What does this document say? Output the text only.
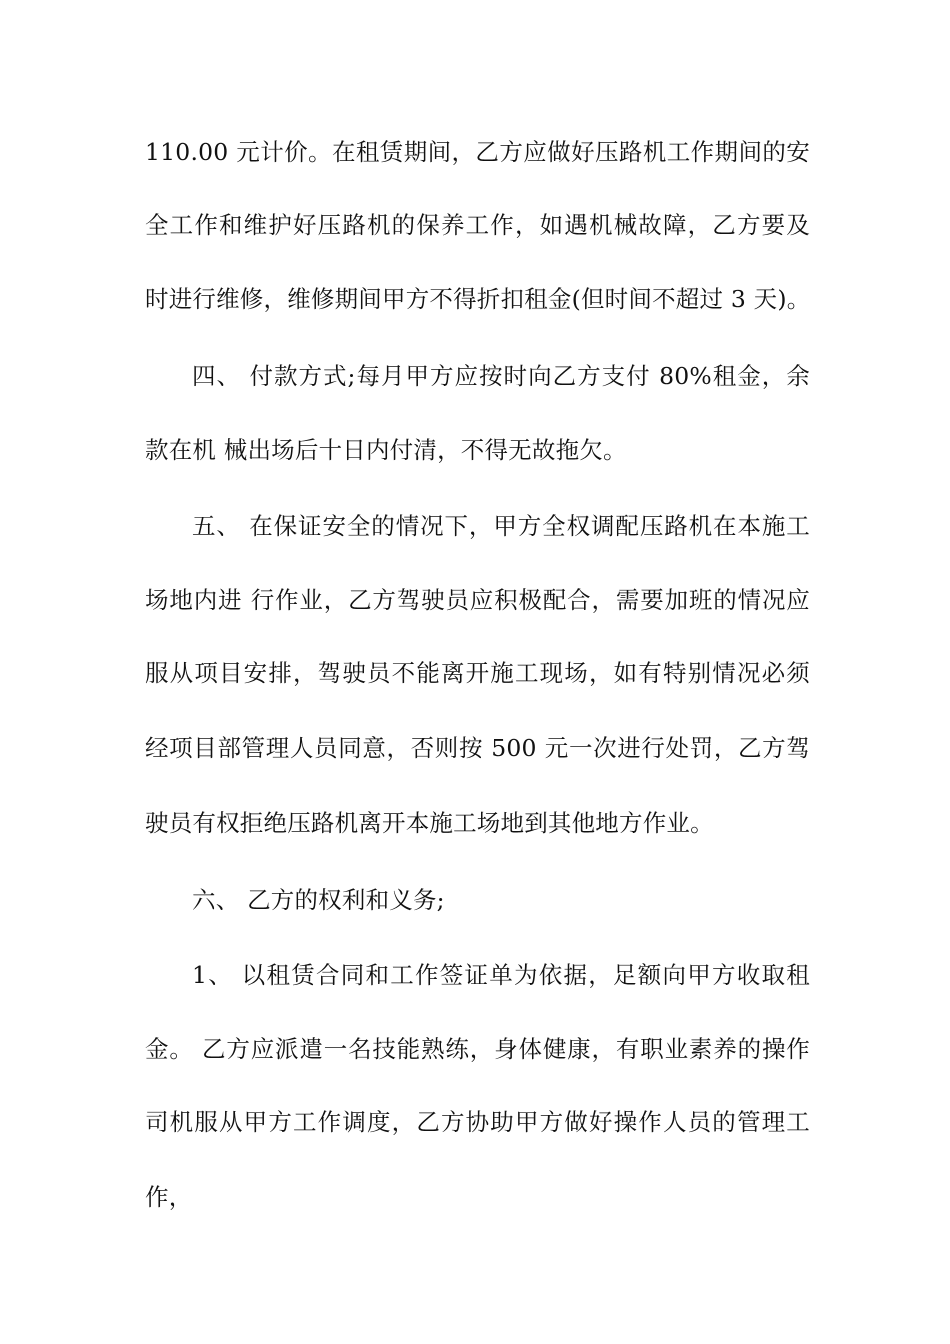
110.00 元计价。在租赁期间，乙方应做好压路机工作期间的安
全工作和维护好压路机的保养工作，如遇机械故障，乙方要及
时进行维修，维修期间甲方不得折扣租金(但时间不超过 3 天)。
四、 付款方式;每月甲方应按时向乙方支付 80%租金，余
款在机 械出场后十日内付清，不得无故拖欠。
五、 在保证安全的情况下，甲方全权调配压路机在本施工
场地内进 行作业，乙方驾驶员应积极配合，需要加班的情况应
服从项目安排，驾驶员不能离开施工现场，如有特别情况必须
经项目部管理人员同意，否则按 500 元一次进行处罚，乙方驾
驶员有权拒绝压路机离开本施工场地到其他地方作业。
六、 乙方的权利和义务;
1、 以租赁合同和工作签证单为依据，足额向甲方收取租
金。 乙方应派遣一名技能熟练，身体健康，有职业素养的操作
司机服从甲方工作调度，乙方协助甲方做好操作人员的管理工
作，
